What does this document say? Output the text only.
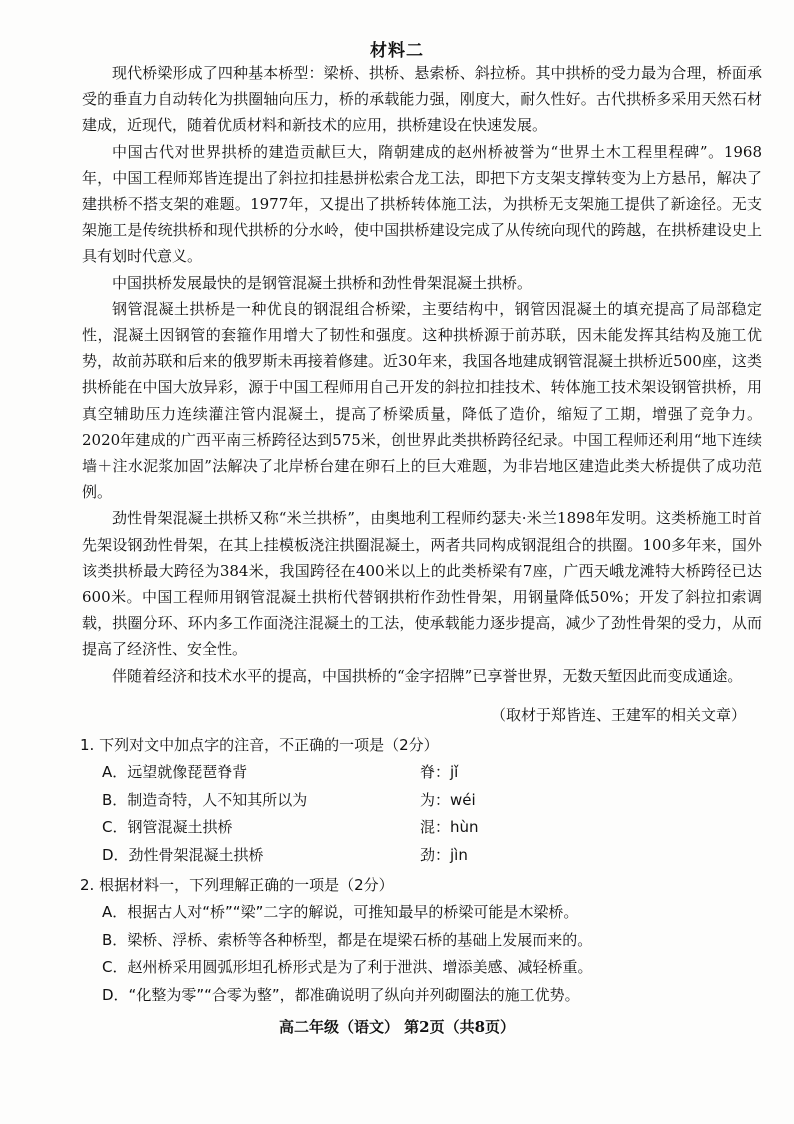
材料二

现代桥梁形成了四种基本桥型：梁桥、拱桥、悬索桥、斜拉桥。其中拱桥的受力最为合理，桥面承受的垂直力自动转化为拱圈轴向压力，桥的承载能力强，刚度大，耐久性好。古代拱桥多采用天然石材建成，近现代，随着优质材料和新技术的应用，拱桥建设在快速发展。

中国古代对世界拱桥的建造贡献巨大，隋朝建成的赵州桥被誉为“世界土木工程里程碑”。1968年，中国工程师郑皆连提出了斜拉扣挂悬拼松索合龙工法，即把下方支架支撑转变为上方悬吊，解决了建拱桥不搭支架的难题。1977年，又提出了拱桥转体施工法，为拱桥无支架施工提供了新途径。无支架施工是传统拱桥和现代拱桥的分水岭，使中国拱桥建设完成了从传统向现代的跨越，在拱桥建设史上具有划时代意义。

中国拱桥发展最快的是钢管混凝土拱桥和劲性骨架混凝土拱桥。

钢管混凝土拱桥是一种优良的钢混组合桥梁，主要结构中，钢管因混凝土的填充提高了局部稳定性，混凝土因钢管的套箍作用增大了韧性和强度。这种拱桥源于前苏联，因未能发挥其结构及施工优势，故前苏联和后来的俄罗斯未再接着修建。近30年来，我国各地建成钢管混凝土拱桥近500座，这类拱桥能在中国大放异彩，源于中国工程师用自己开发的斜拉扣挂技术、转体施工技术架设钢管拱桥，用真空辅助压力连续灌注管内混凝土，提高了桥梁质量，降低了造价，缩短了工期，增强了竞争力。2020年建成的广西平南三桥跨径达到575米，创世界此类拱桥跨径纪录。中国工程师还利用“地下连续墙＋注水泥浆加固”法解决了北岸桥台建在卵石上的巨大难题，为非岩地区建造此类大桥提供了成功范例。

劲性骨架混凝土拱桥又称“米兰拱桥”，由奥地利工程师约瑟夫·米兰1898年发明。这类桥施工时首先架设钢劲性骨架，在其上挂模板浇注拱圈混凝土，两者共同构成钢混组合的拱圈。100多年来，国外该类拱桥最大跨径为384米，我国跨径在400米以上的此类桥梁有7座，广西天峨龙滩特大桥跨径已达600米。中国工程师用钢管混凝土拱桁代替钢拱桁作劲性骨架，用钢量降低50%；开发了斜拉扣索调载，拱圈分环、环内多工作面浇注混凝土的工法，使承载能力逐步提高，减少了劲性骨架的受力，从而提高了经济性、安全性。

伴随着经济和技术水平的提高，中国拱桥的“金字招牌”已享誉世界，无数天堑因此而变成通途。

（取材于郑皆连、王建军的相关文章）
1. 下列对文中加点字的注音，不正确的一项是（2分）
A．远望就像琵琶脊背	脊：jǐ
B．制造奇特，人不知其所以为	为：wéi
C．钢管混凝土拱桥	混：hùn
D．劲性骨架混凝土拱桥	劲：jìn
2. 根据材料一，下列理解正确的一项是（2分）
A．根据古人对“桥”“梁”二字的解说，可推知最早的桥梁可能是木梁桥。
B．梁桥、浮桥、索桥等各种桥型，都是在堤梁石桥的基础上发展而来的。
C．赵州桥采用圆弧形坦孔桥形式是为了利于泄洪、增添美感、减轻桥重。
D．“化整为零”“合零为整”，都准确说明了纵向并列砌圈法的施工优势。
高二年级（语文） 第2页（共8页）
